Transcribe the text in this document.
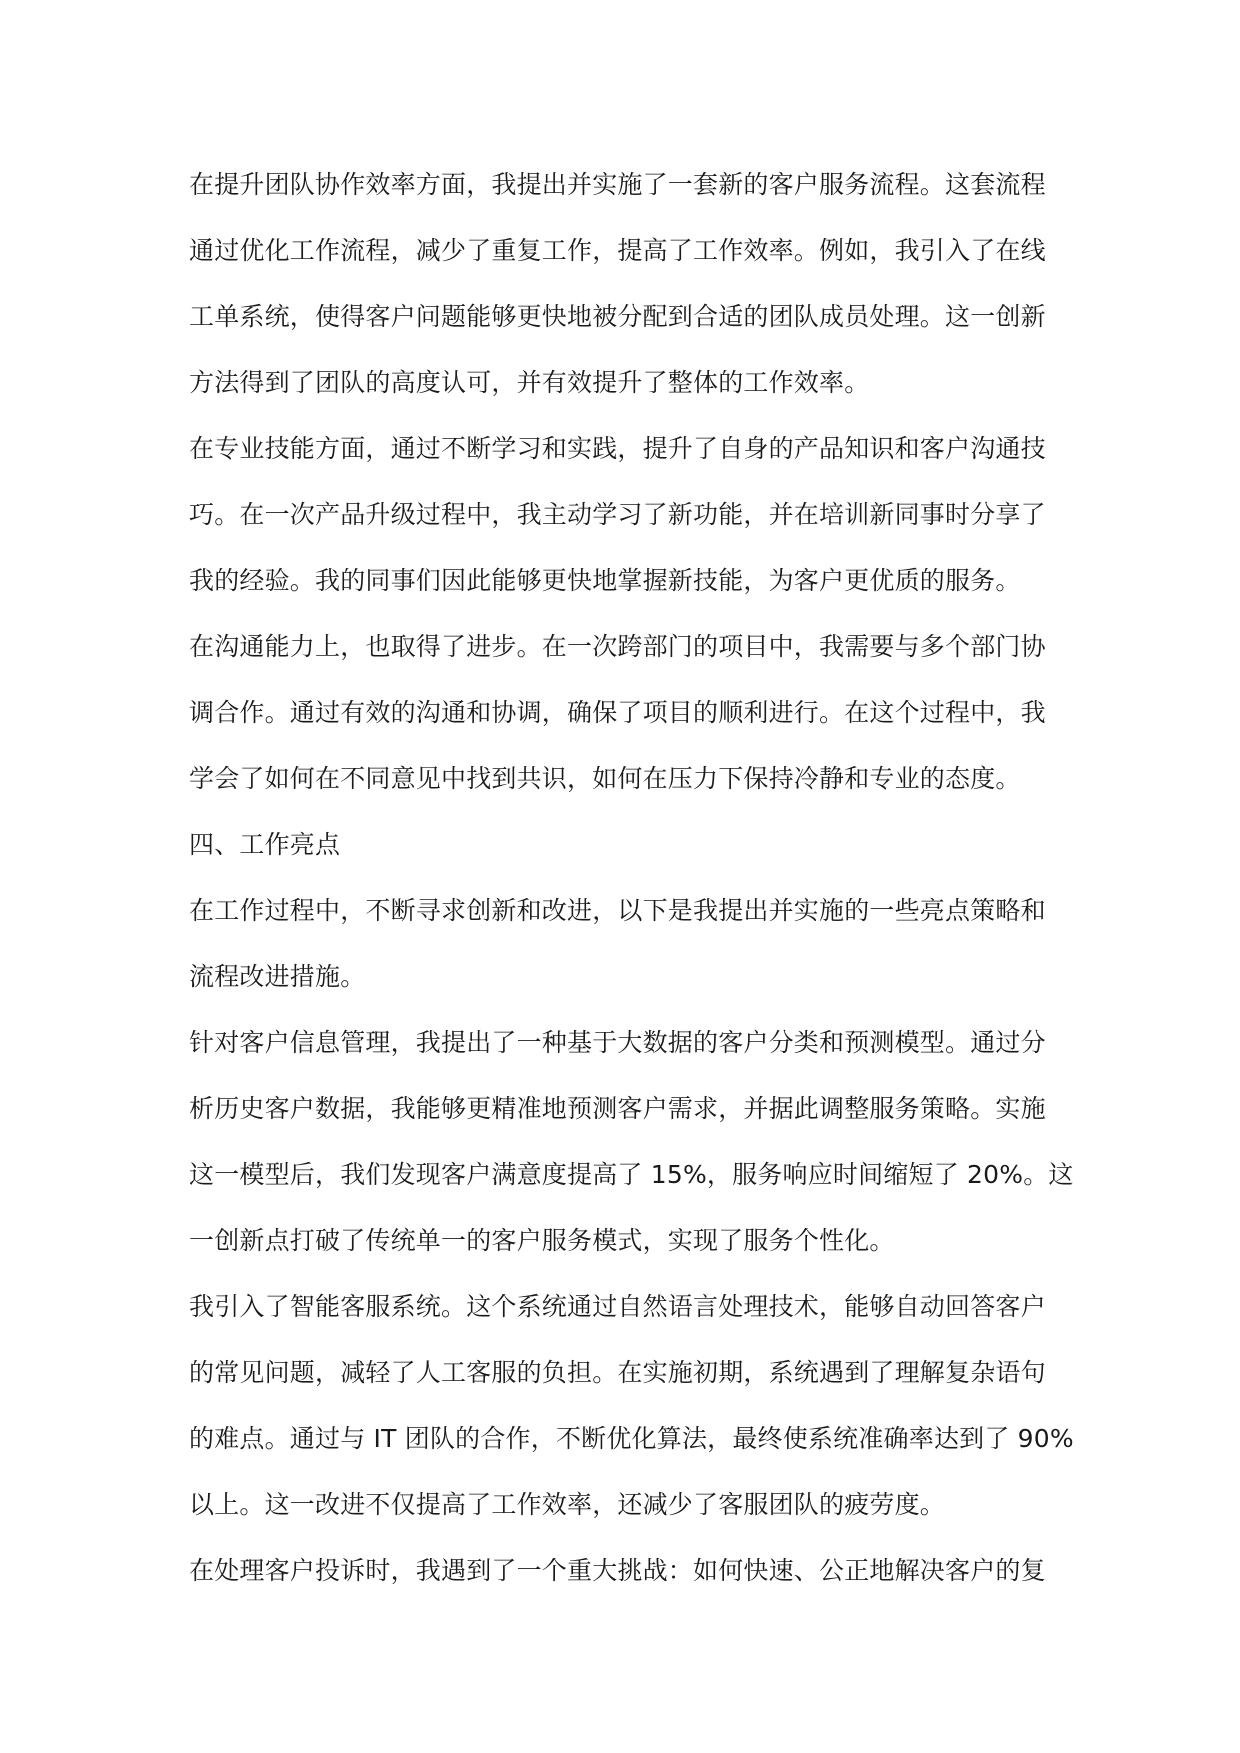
在提升团队协作效率方面，我提出并实施了一套新的客户服务流程。这套流程
通过优化工作流程，减少了重复工作，提高了工作效率。例如，我引入了在线
工单系统，使得客户问题能够更快地被分配到合适的团队成员处理。这一创新
方法得到了团队的高度认可，并有效提升了整体的工作效率。

在专业技能方面，通过不断学习和实践，提升了自身的产品知识和客户沟通技
巧。在一次产品升级过程中，我主动学习了新功能，并在培训新同事时分享了
我的经验。我的同事们因此能够更快地掌握新技能，为客户更优质的服务。

在沟通能力上，也取得了进步。在一次跨部门的项目中，我需要与多个部门协
调合作。通过有效的沟通和协调，确保了项目的顺利进行。在这个过程中，我
学会了如何在不同意见中找到共识，如何在压力下保持冷静和专业的态度。

四、工作亮点

在工作过程中，不断寻求创新和改进，以下是我提出并实施的一些亮点策略和
流程改进措施。

针对客户信息管理，我提出了一种基于大数据的客户分类和预测模型。通过分
析历史客户数据，我能够更精准地预测客户需求，并据此调整服务策略。实施
这一模型后，我们发现客户满意度提高了 15%，服务响应时间缩短了 20%。这
一创新点打破了传统单一的客户服务模式，实现了服务个性化。

我引入了智能客服系统。这个系统通过自然语言处理技术，能够自动回答客户
的常见问题，减轻了人工客服的负担。在实施初期，系统遇到了理解复杂语句
的难点。通过与 IT 团队的合作，不断优化算法，最终使系统准确率达到了 90%
以上。这一改进不仅提高了工作效率，还减少了客服团队的疲劳度。

在处理客户投诉时，我遇到了一个重大挑战：如何快速、公正地解决客户的复
